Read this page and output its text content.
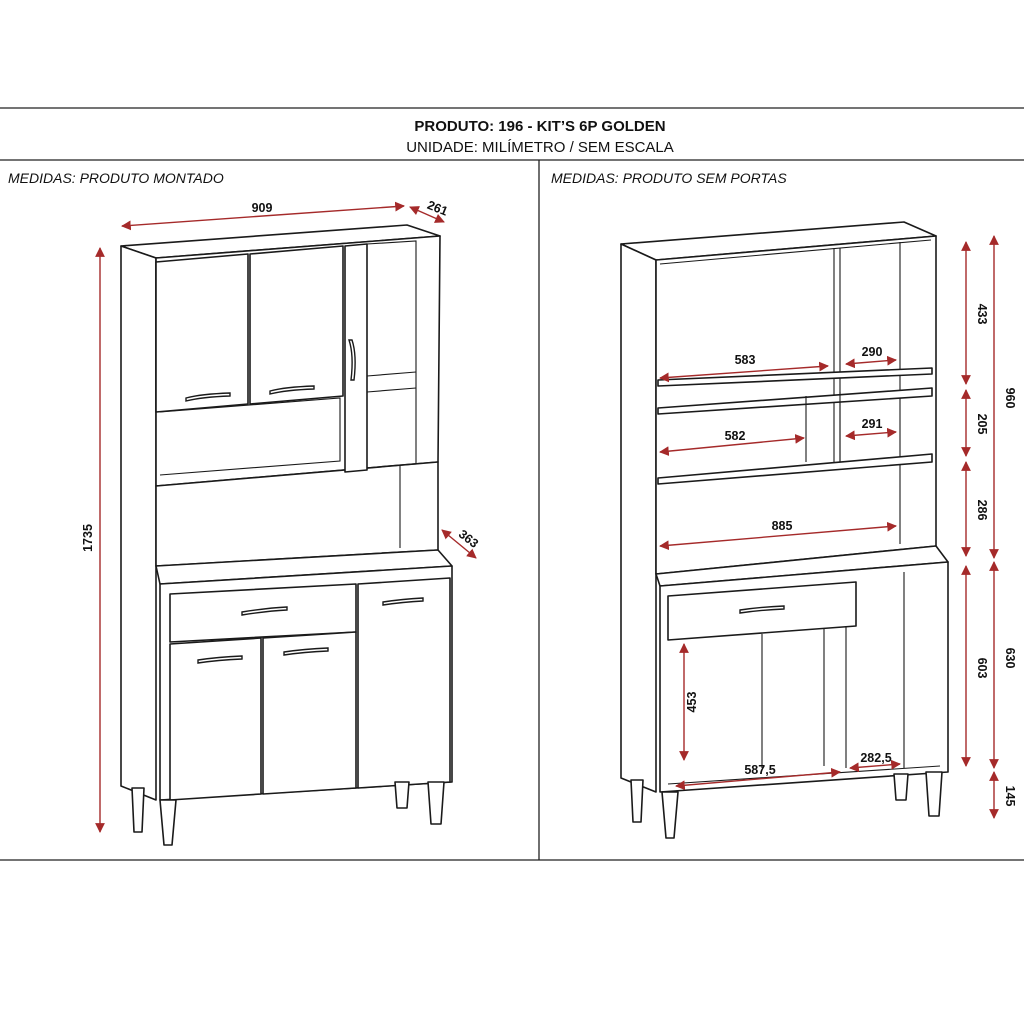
PRODUTO: 196 - KIT’S 6P GOLDEN
UNIDADE: MILÍMETRO / SEM ESCALA
MEDIDAS: PRODUTO MONTADO	MEDIDAS: PRODUTO SEM PORTAS
909	261
1735	363
583
290
582
291
885
453
587,5
282,5
433
205
286
960
603 630
145
